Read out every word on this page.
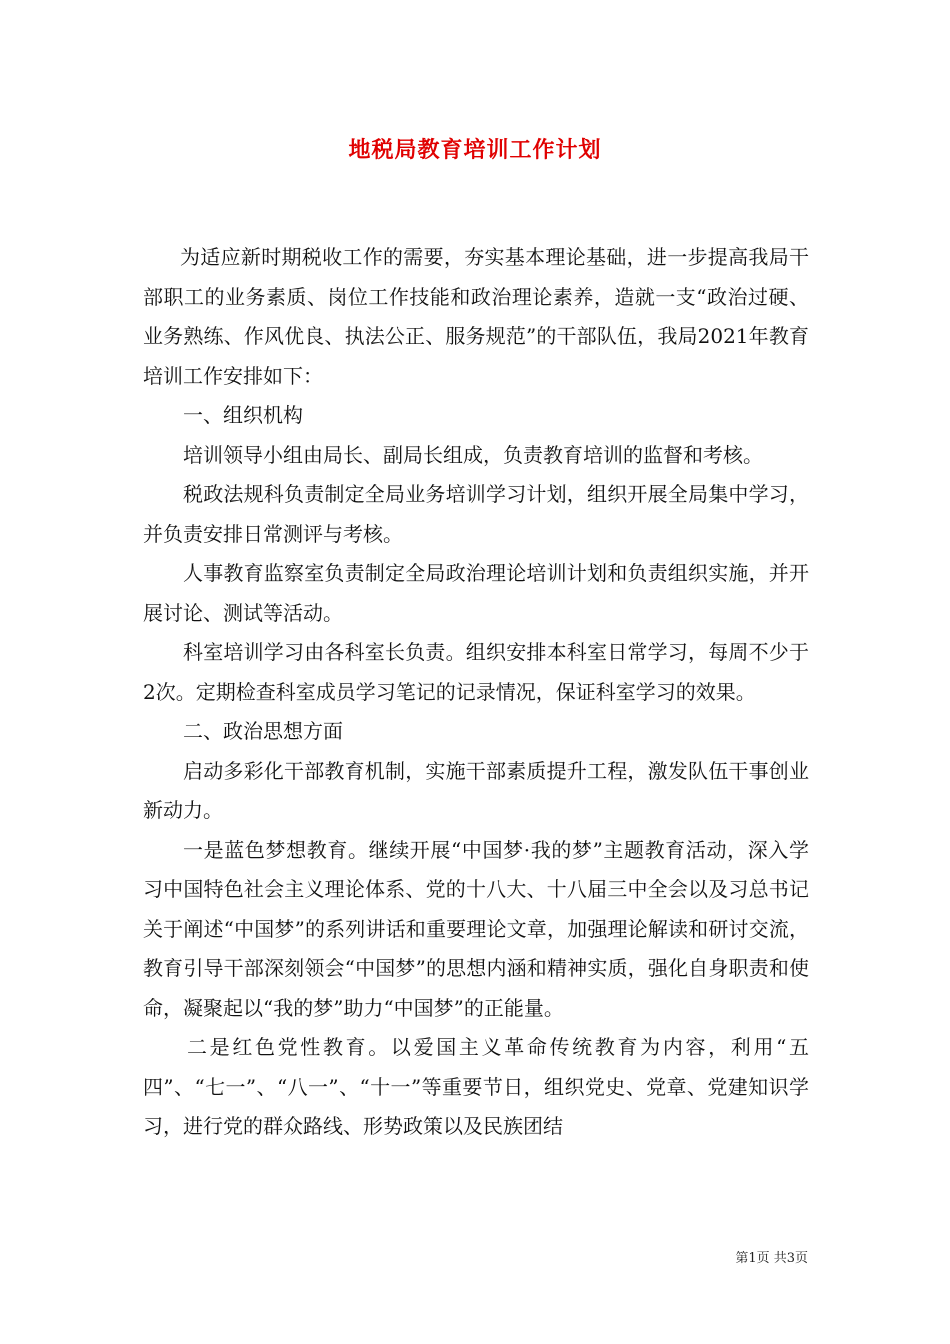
地税局教育培训工作计划

为适应新时期税收工作的需要，夯实基本理论基础，进一步提高我局干部职工的业务素质、岗位工作技能和政治理论素养，造就一支“政治过硬、业务熟练、作风优良、执法公正、服务规范”的干部队伍，我局2021年教育培训工作安排如下：

一、组织机构

培训领导小组由局长、副局长组成，负责教育培训的监督和考核。

税政法规科负责制定全局业务培训学习计划，组织开展全局集中学习，并负责安排日常测评与考核。

人事教育监察室负责制定全局政治理论培训计划和负责组织实施，并开展讨论、测试等活动。

科室培训学习由各科室长负责。组织安排本科室日常学习，每周不少于2次。定期检查科室成员学习笔记的记录情况，保证科室学习的效果。

二、政治思想方面

启动多彩化干部教育机制，实施干部素质提升工程，激发队伍干事创业新动力。

一是蓝色梦想教育。继续开展“中国梦·我的梦”主题教育活动，深入学习中国特色社会主义理论体系、党的十八大、十八届三中全会以及习总书记关于阐述“中国梦”的系列讲话和重要理论文章，加强理论解读和研讨交流，教育引导干部深刻领会“中国梦”的思想内涵和精神实质，强化自身职责和使命，凝聚起以“我的梦”助力“中国梦”的正能量。

二是红色党性教育。以爱国主义革命传统教育为内容，利用“五四”、“七一”、“八一”、“十一”等重要节日，组织党史、党章、党建知识学习，进行党的群众路线、形势政策以及民族团结

第1页 共3页
